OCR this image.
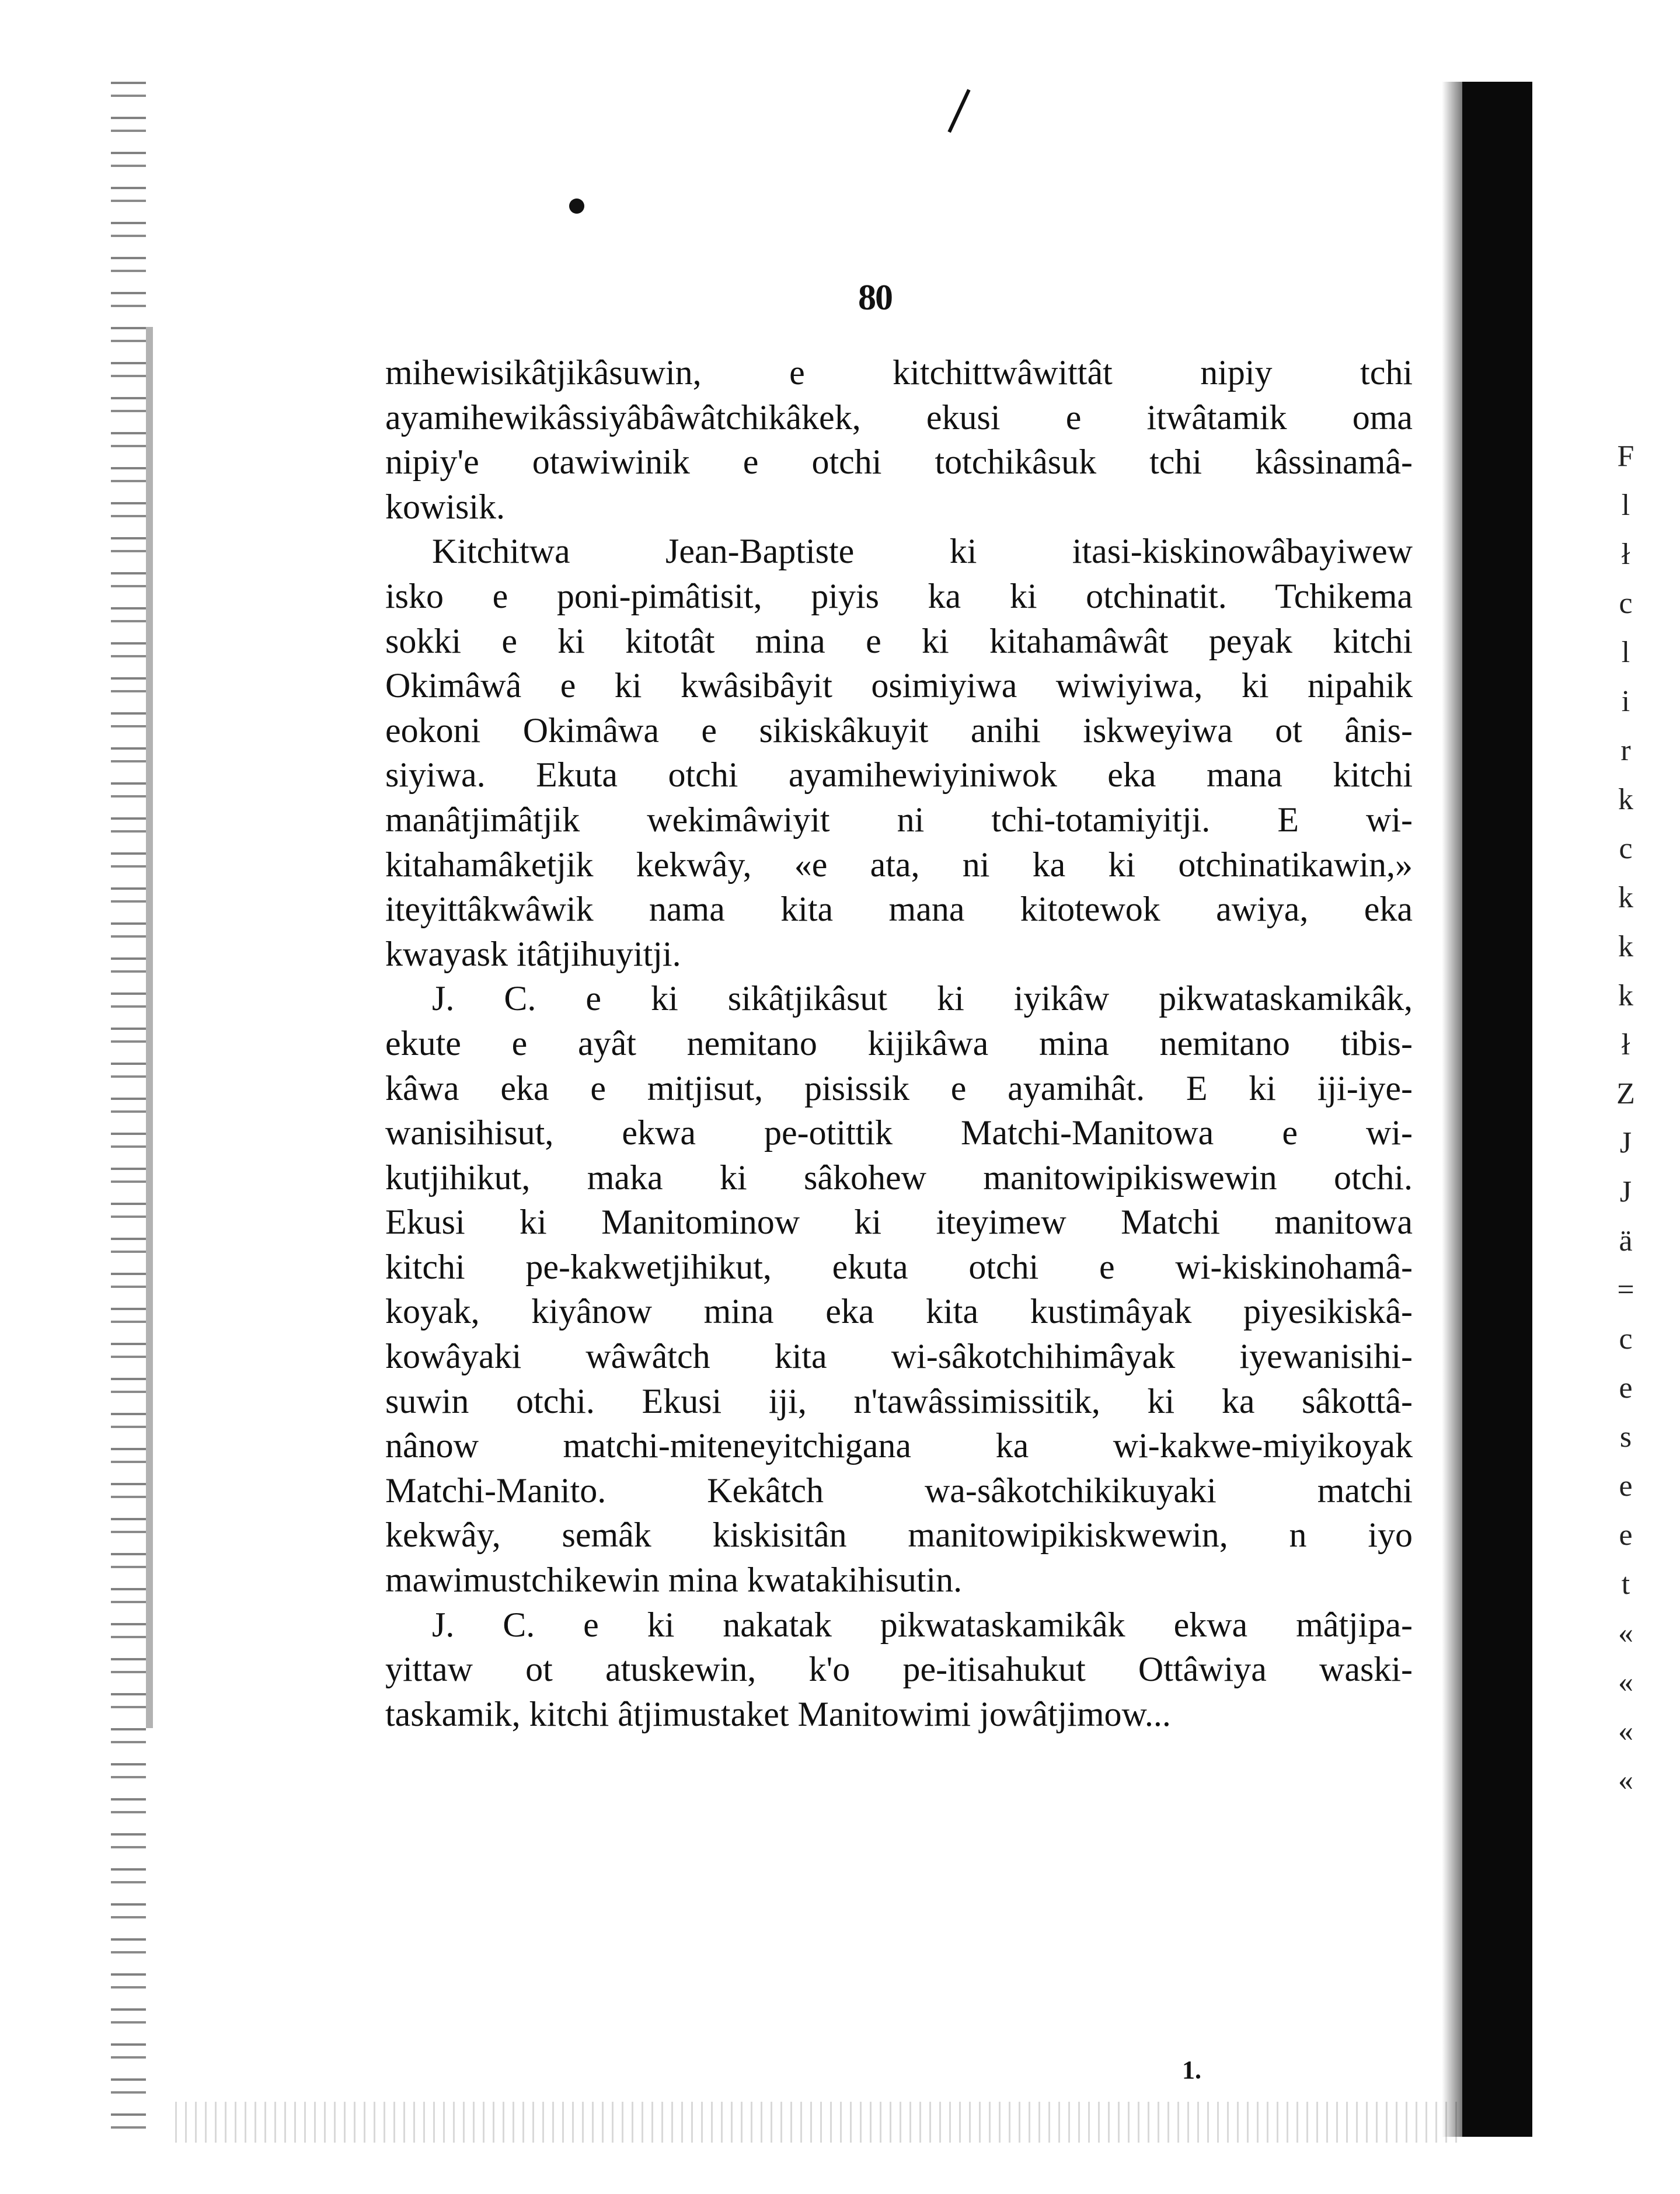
80
mihewisikâtjikâsuwin, e kitchittwâwittât nipiy tchi
ayamihewikâssiyâbâwâtchikâkek, ekusi e itwâtamik oma
nipiy'e otawiwinik e otchi totchikâsuk tchi kâssinamâ-
kowisik.
Kitchitwa Jean-Baptiste ki itasi-kiskinowâbayiwew
isko e poni-pimâtisit, piyis ka ki otchinatit. Tchikema
sokki e ki kitotât mina e ki kitahamâwât peyak kitchi
Okimâwâ e ki kwâsibâyit osimiyiwa wiwiyiwa, ki nipahik
eokoni Okimâwa e sikiskâkuyit anihi iskweyiwa ot ânis-
siyiwa. Ekuta otchi ayamihewiyiniwok eka mana kitchi
manâtjimâtjik wekimâwiyit ni tchi-totamiyitji. E wi-
kitahamâketjik kekwây, «e ata, ni ka ki otchinatikawin,»
iteyittâkwâwik nama kita mana kitotewok awiya, eka
kwayask itâtjihuyitji.
J. C. e ki sikâtjikâsut ki iyikâw pikwataskamikâk,
ekute e ayât nemitano kijikâwa mina nemitano tibis-
kâwa eka e mitjisut, pisissik e ayamihât. E ki iji-iye-
wanisihisut, ekwa pe-otittik Matchi-Manitowa e wi-
kutjihikut, maka ki sâkohew manitowipikiswewin otchi.
Ekusi ki Manitominow ki iteyimew Matchi manitowa
kitchi pe-kakwetjihikut, ekuta otchi e wi-kiskinohamâ-
koyak, kiyânow mina eka kita kustimâyak piyesikiskâ-
kowâyaki wâwâtch kita wi-sâkotchihimâyak iyewanisihi-
suwin otchi. Ekusi iji, n'tawâssimissitik, ki ka sâkottâ-
nânow matchi-miteneyitchigana ka wi-kakwe-miyikoyak
Matchi-Manito. Kekâtch wa-sâkotchikikuyaki matchi
kekwây, semâk kiskisitân manitowipikiskwewin, n iyo
mawimustchikewin mina kwatakihisutin.
J. C. e ki nakatak pikwataskamikâk ekwa mâtjipa-
yittaw ot atuskewin, k'o pe-itisahukut Ottâwiya waski-
taskamik, kitchi âtjimustaket Manitowimi jowâtjimow...
F
l
ł
c
l
i
r
k
c
k
k
k
ł
Z
J
J
ä
=
c
e
s
e
e
t
«
«
«
«
1.
